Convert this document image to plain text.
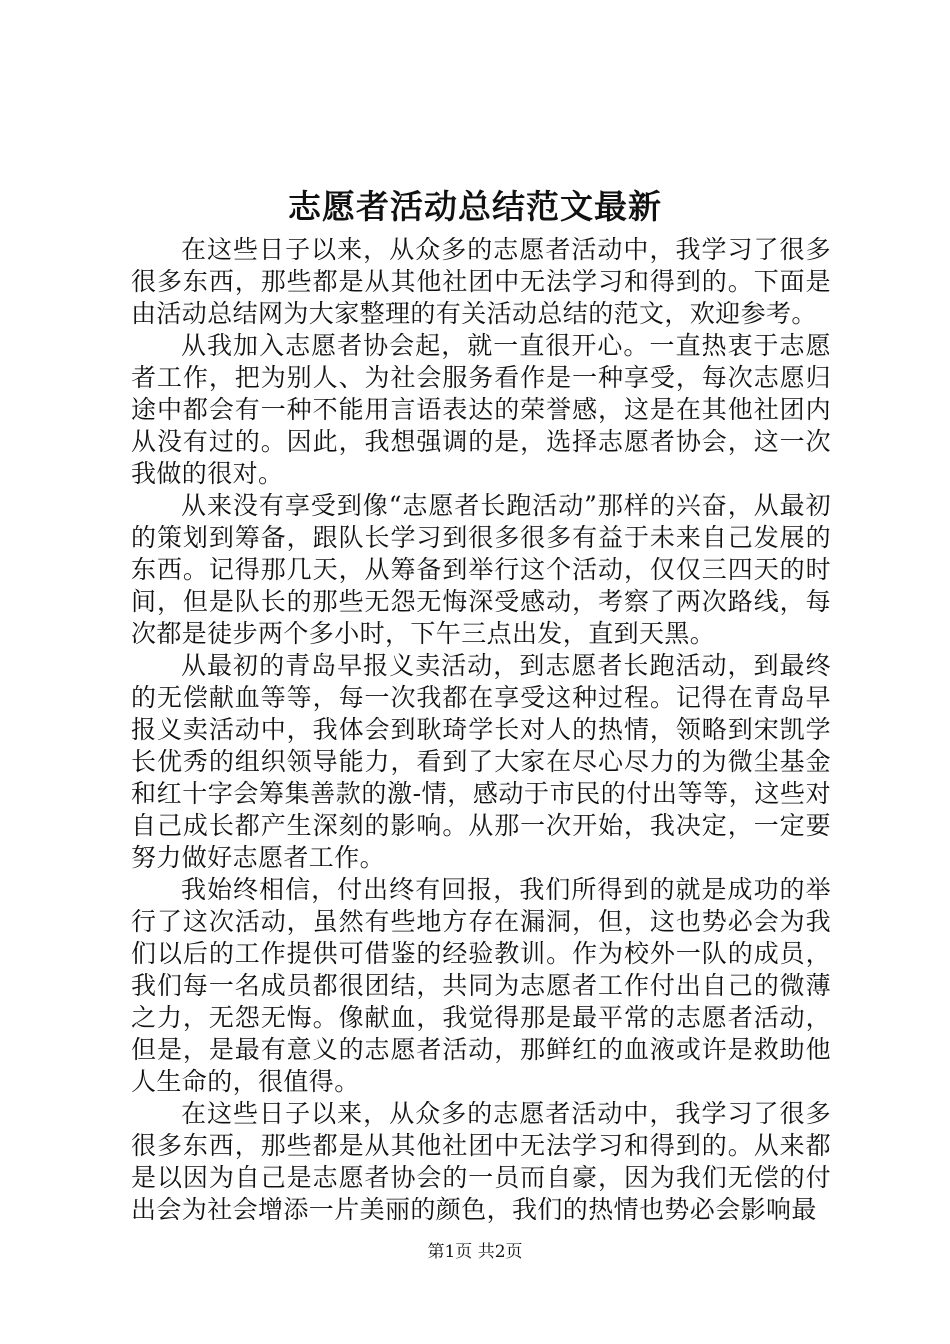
志愿者活动总结范文最新

在这些日子以来，从众多的志愿者活动中，我学习了很多很多东西，那些都是从其他社团中无法学习和得到的。下面是由活动总结网为大家整理的有关活动总结的范文，欢迎参考。

从我加入志愿者协会起，就一直很开心。一直热衷于志愿者工作，把为别人、为社会服务看作是一种享受，每次志愿归途中都会有一种不能用言语表达的荣誉感，这是在其他社团内从没有过的。因此，我想强调的是，选择志愿者协会，这一次我做的很对。

从来没有享受到像“志愿者长跑活动”那样的兴奋，从最初的策划到筹备，跟队长学习到很多很多有益于未来自己发展的东西。记得那几天，从筹备到举行这个活动，仅仅三四天的时间，但是队长的那些无怨无悔深受感动，考察了两次路线，每次都是徒步两个多小时，下午三点出发，直到天黑。

从最初的青岛早报义卖活动，到志愿者长跑活动，到最终的无偿献血等等，每一次我都在享受这种过程。记得在青岛早报义卖活动中，我体会到耿琦学长对人的热情，领略到宋凯学长优秀的组织领导能力，看到了大家在尽心尽力的为微尘基金和红十字会筹集善款的激-情，感动于市民的付出等等，这些对自己成长都产生深刻的影响。从那一次开始，我决定，一定要努力做好志愿者工作。

我始终相信，付出终有回报，我们所得到的就是成功的举行了这次活动，虽然有些地方存在漏洞，但，这也势必会为我们以后的工作提供可借鉴的经验教训。作为校外一队的成员，我们每一名成员都很团结，共同为志愿者工作付出自己的微薄之力，无怨无悔。像献血，我觉得那是最平常的志愿者活动，但是，是最有意义的志愿者活动，那鲜红的血液或许是救助他人生命的，很值得。

在这些日子以来，从众多的志愿者活动中，我学习了很多很多东西，那些都是从其他社团中无法学习和得到的。从来都是以因为自己是志愿者协会的一员而自豪，因为我们无偿的付出会为社会增添一片美丽的颜色，我们的热情也势必会影响最

第1页 共2页
